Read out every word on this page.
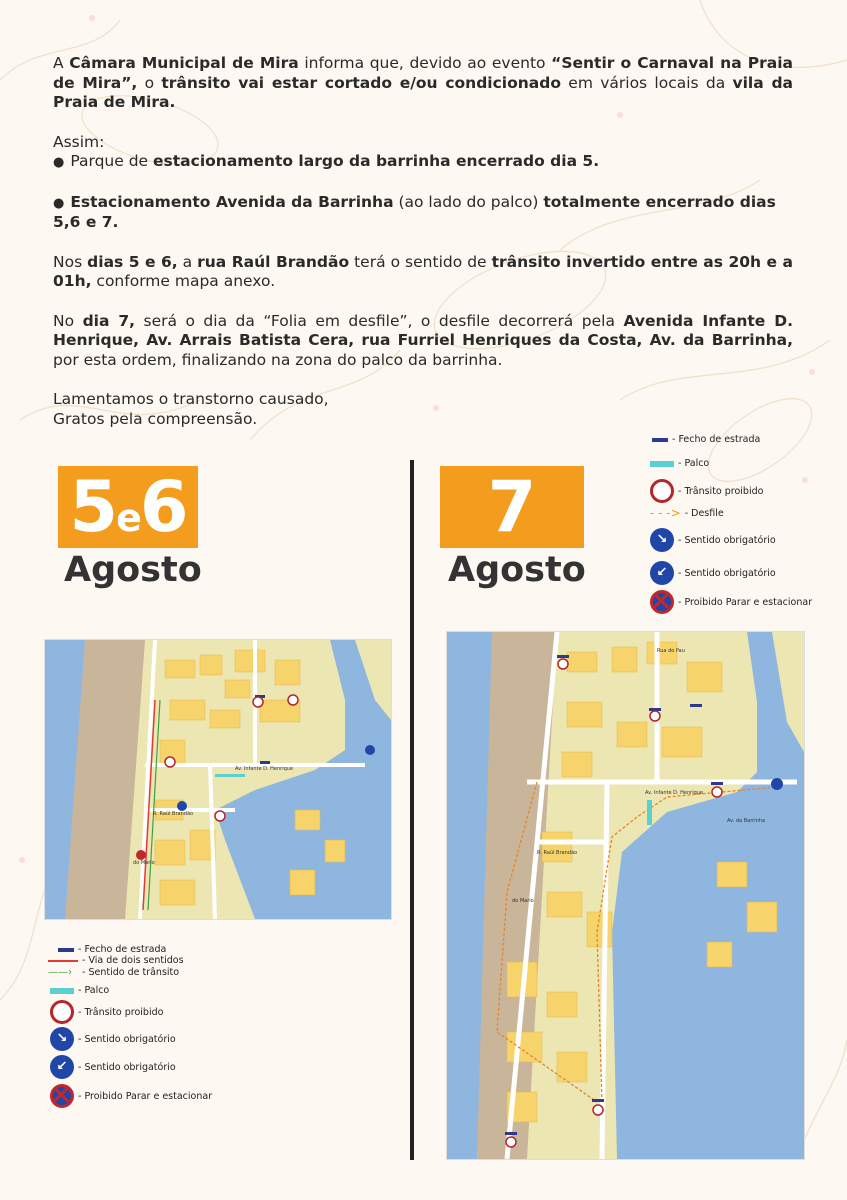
A Câmara Municipal de Mira informa que, devido ao evento “Sentir o Carnaval na Praia de Mira”, o trânsito vai estar cortado e/ou condicionado em vários locais da vila da Praia de Mira.

Assim:

● Parque de estacionamento largo da barrinha encerrado dia 5.

● Estacionamento Avenida da Barrinha (ao lado do palco) totalmente encerrado dias 5,6 e 7.

Nos dias 5 e 6, a rua Raúl Brandão terá o sentido de trânsito invertido entre as 20h e a 01h, conforme mapa anexo.

No dia 7, será o dia da “Folia em desfile”, o desfile decorrerá pela Avenida Infante D. Henrique, Av. Arrais Batista Cera, rua Furriel Henriques da Costa, Av. da Barrinha, por esta ordem, finalizando na zona do palco da barrinha.

Lamentamos o transtorno causado,

Gratos pela compreensão.

5e6
Agosto
7
Agosto
- Fecho de estrada
- Palco
- Trânsito proibido
- - -> - Desfile
↘	- Sentido obrigatório
↙	- Sentido obrigatório
- Proibido Parar e estacionar
- Fecho de estrada
- Via de dois sentidos
——›	- Sentido de trânsito
- Palco
- Trânsito proibido
↘	- Sentido obrigatório
↙	- Sentido obrigatório
- Proibido Parar e estacionar
Av. Infante D. Henrique
R. Raúl Brandão
do Mario
Av. Infante D. Henrique
R. Raúl Brandão
Av. da Barrinha
do Mario
Rua do Pau
